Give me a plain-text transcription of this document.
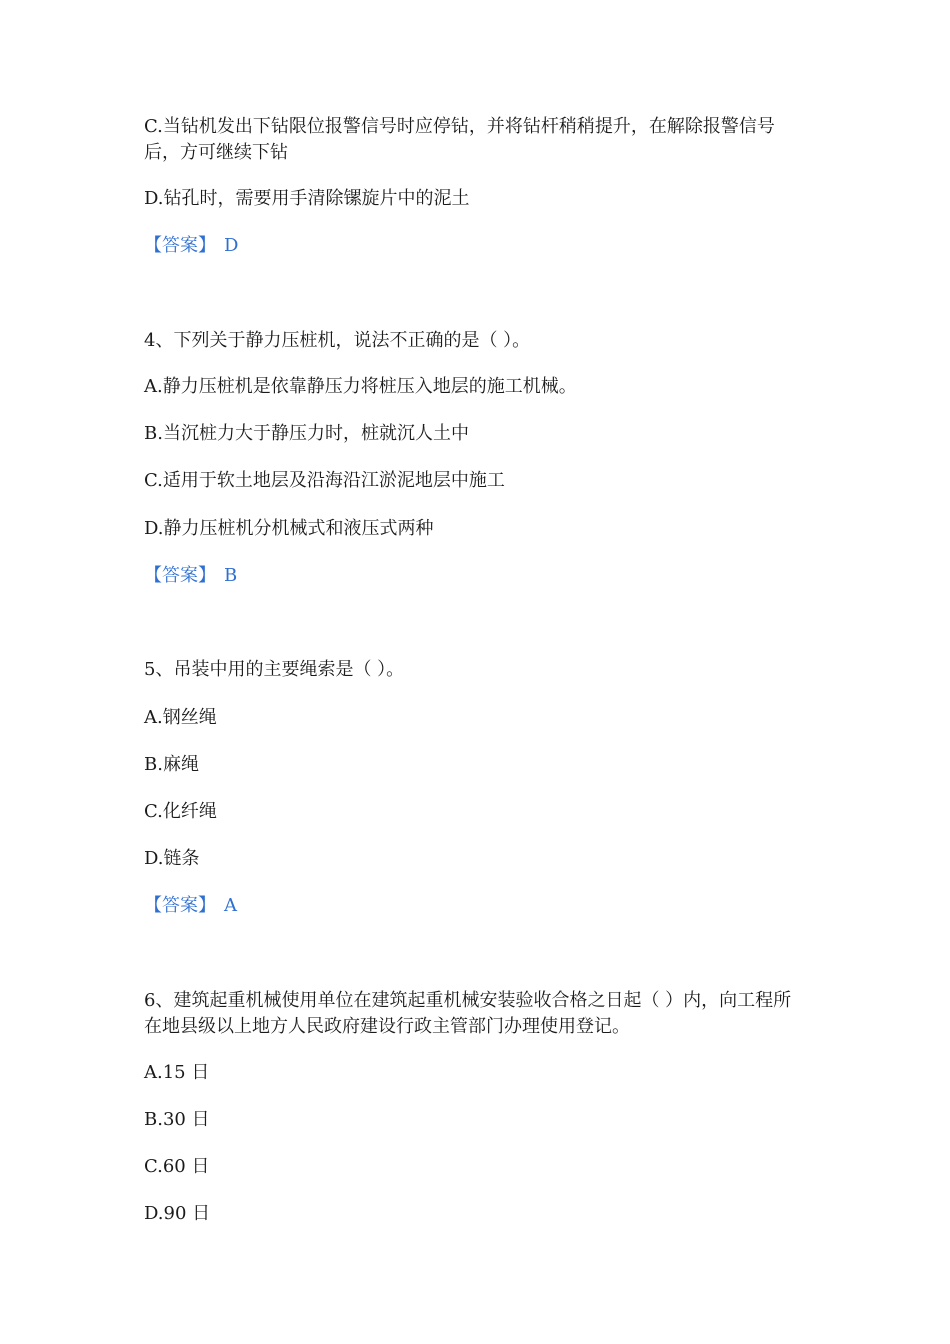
C.当钻机发出下钻限位报警信号时应停钻，并将钻杆稍稍提升，在解除报警信号后，方可继续下钻
D.钻孔时，需要用手清除镙旋片中的泥土
【答案】 D
4、下列关于静力压桩机，说法不正确的是（ ）。
A.静力压桩机是依靠静压力将桩压入地层的施工机械。
B.当沉桩力大于静压力时，桩就沉人土中
C.适用于软土地层及沿海沿江淤泥地层中施工
D.静力压桩机分机械式和液压式两种
【答案】 B
5、吊装中用的主要绳索是（ ）。
A.钢丝绳
B.麻绳
C.化纤绳
D.链条
【答案】 A
6、建筑起重机械使用单位在建筑起重机械安装验收合格之日起（ ）内，向工程所在地县级以上地方人民政府建设行政主管部门办理使用登记。
A.15 日
B.30 日
C.60 日
D.90 日
